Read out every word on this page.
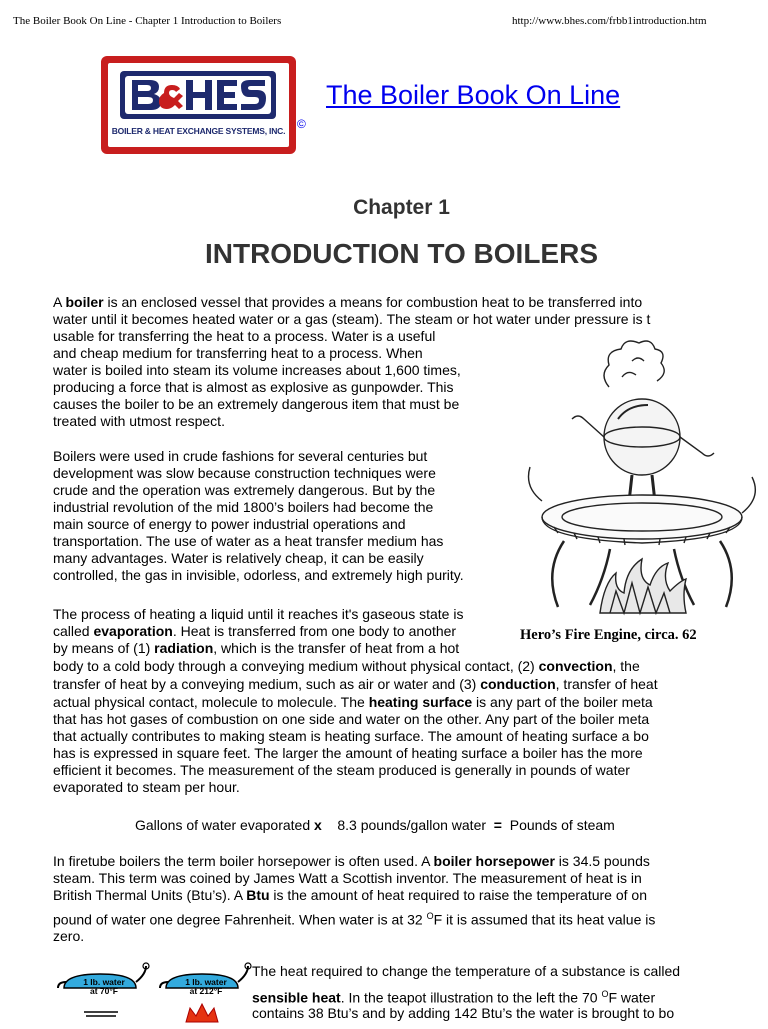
The Boiler Book On Line - Chapter 1 Introduction to Boilers	http://www.bhes.com/frbb1introduction.htm
BOILER & HEAT EXCHANGE SYSTEMS, INC. ©
The Boiler Book On Line
Chapter 1
INTRODUCTION TO BOILERS
A boiler is an enclosed vessel that provides a means for combustion heat to be transferred into
water until it becomes heated water or a gas (steam). The steam or hot water under pressure is t
usable for transferring the heat to a process. Water is a useful
and cheap medium for transferring heat to a process. When
water is boiled into steam its volume increases about 1,600 times,
producing a force that is almost as explosive as gunpowder. This
causes the boiler to be an extremely dangerous item that must be
treated with utmost respect.
Boilers were used in crude fashions for several centuries but
development was slow because construction techniques were
crude and the operation was extremely dangerous. But by the
industrial revolution of the mid 1800’s boilers had become the
main source of energy to power industrial operations and
transportation. The use of water as a heat transfer medium has
many advantages. Water is relatively cheap, it can be easily
controlled, the gas in invisible, odorless, and extremely high purity.
Hero’s Fire Engine, circa. 62
The process of heating a liquid until it reaches it's gaseous state is
called evaporation. Heat is transferred from one body to another
by means of (1) radiation, which is the transfer of heat from a hot
body to a cold body through a conveying medium without physical contact, (2) convection, the
transfer of heat by a conveying medium, such as air or water and (3) conduction, transfer of heat
actual physical contact, molecule to molecule. The heating surface is any part of the boiler meta
that has hot gases of combustion on one side and water on the other. Any part of the boiler meta
that actually contributes to making steam is heating surface. The amount of heating surface a bo
has is expressed in square feet. The larger the amount of heating surface a boiler has the more
efficient it becomes. The measurement of the steam produced is generally in pounds of water
evaporated to steam per hour.
Gallons of water evaporated x    8.3 pounds/gallon water  =  Pounds of steam
In firetube boilers the term boiler horsepower is often used. A boiler horsepower is 34.5 pounds
steam. This term was coined by James Watt a Scottish inventor. The measurement of heat is in
British Thermal Units (Btu’s). A Btu is the amount of heat required to raise the temperature of on
pound of water one degree Fahrenheit. When water is at 32 $^O$F it is assumed that its heat value is
zero.
1 lb. water
at 70°F
1 lb. water
at 212°F
The heat required to change the temperature of a substance is called
sensible heat. In the teapot illustration to the left the 70 $^O$F water
contains 38 Btu’s and by adding 142 Btu’s the water is brought to bo
